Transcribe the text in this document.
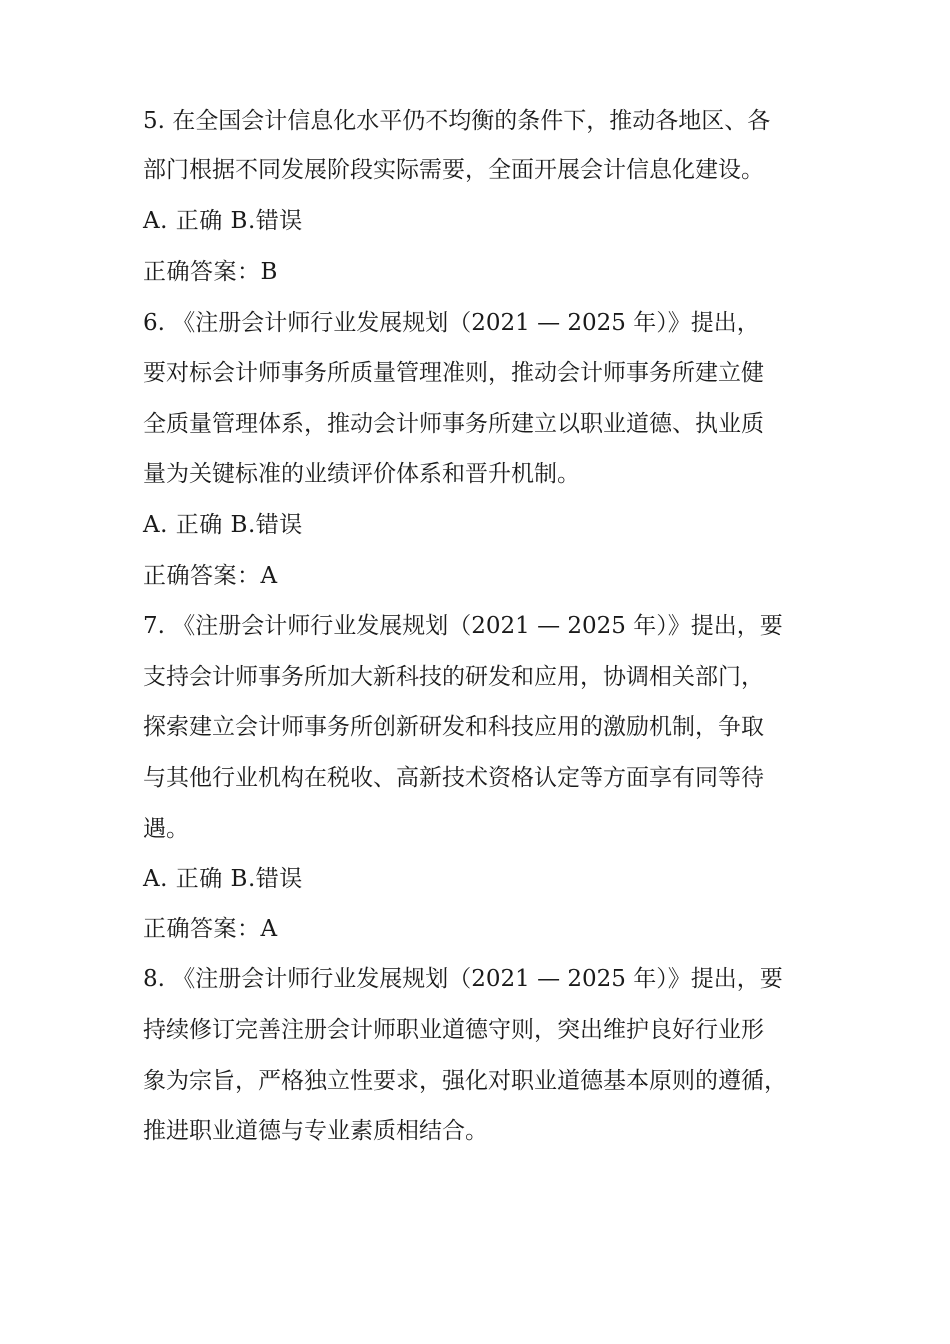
5. 在全国会计信息化水平仍不均衡的条件下，推动各地区、各
部门根据不同发展阶段实际需要，全面开展会计信息化建设。
A. 正确 B.错误
正确答案：B
6. 《注册会计师行业发展规划（2021 — 2025 年）》提出，
要对标会计师事务所质量管理准则，推动会计师事务所建立健
全质量管理体系，推动会计师事务所建立以职业道德、执业质
量为关键标准的业绩评价体系和晋升机制。
A. 正确 B.错误
正确答案：A
7. 《注册会计师行业发展规划（2021 — 2025 年）》提出，要
支持会计师事务所加大新科技的研发和应用，协调相关部门，
探索建立会计师事务所创新研发和科技应用的激励机制，争取
与其他行业机构在税收、高新技术资格认定等方面享有同等待
遇。
A. 正确 B.错误
正确答案：A
8. 《注册会计师行业发展规划（2021 — 2025 年）》提出，要
持续修订完善注册会计师职业道德守则，突出维护良好行业形
象为宗旨，严格独立性要求，强化对职业道德基本原则的遵循，
推进职业道德与专业素质相结合。
